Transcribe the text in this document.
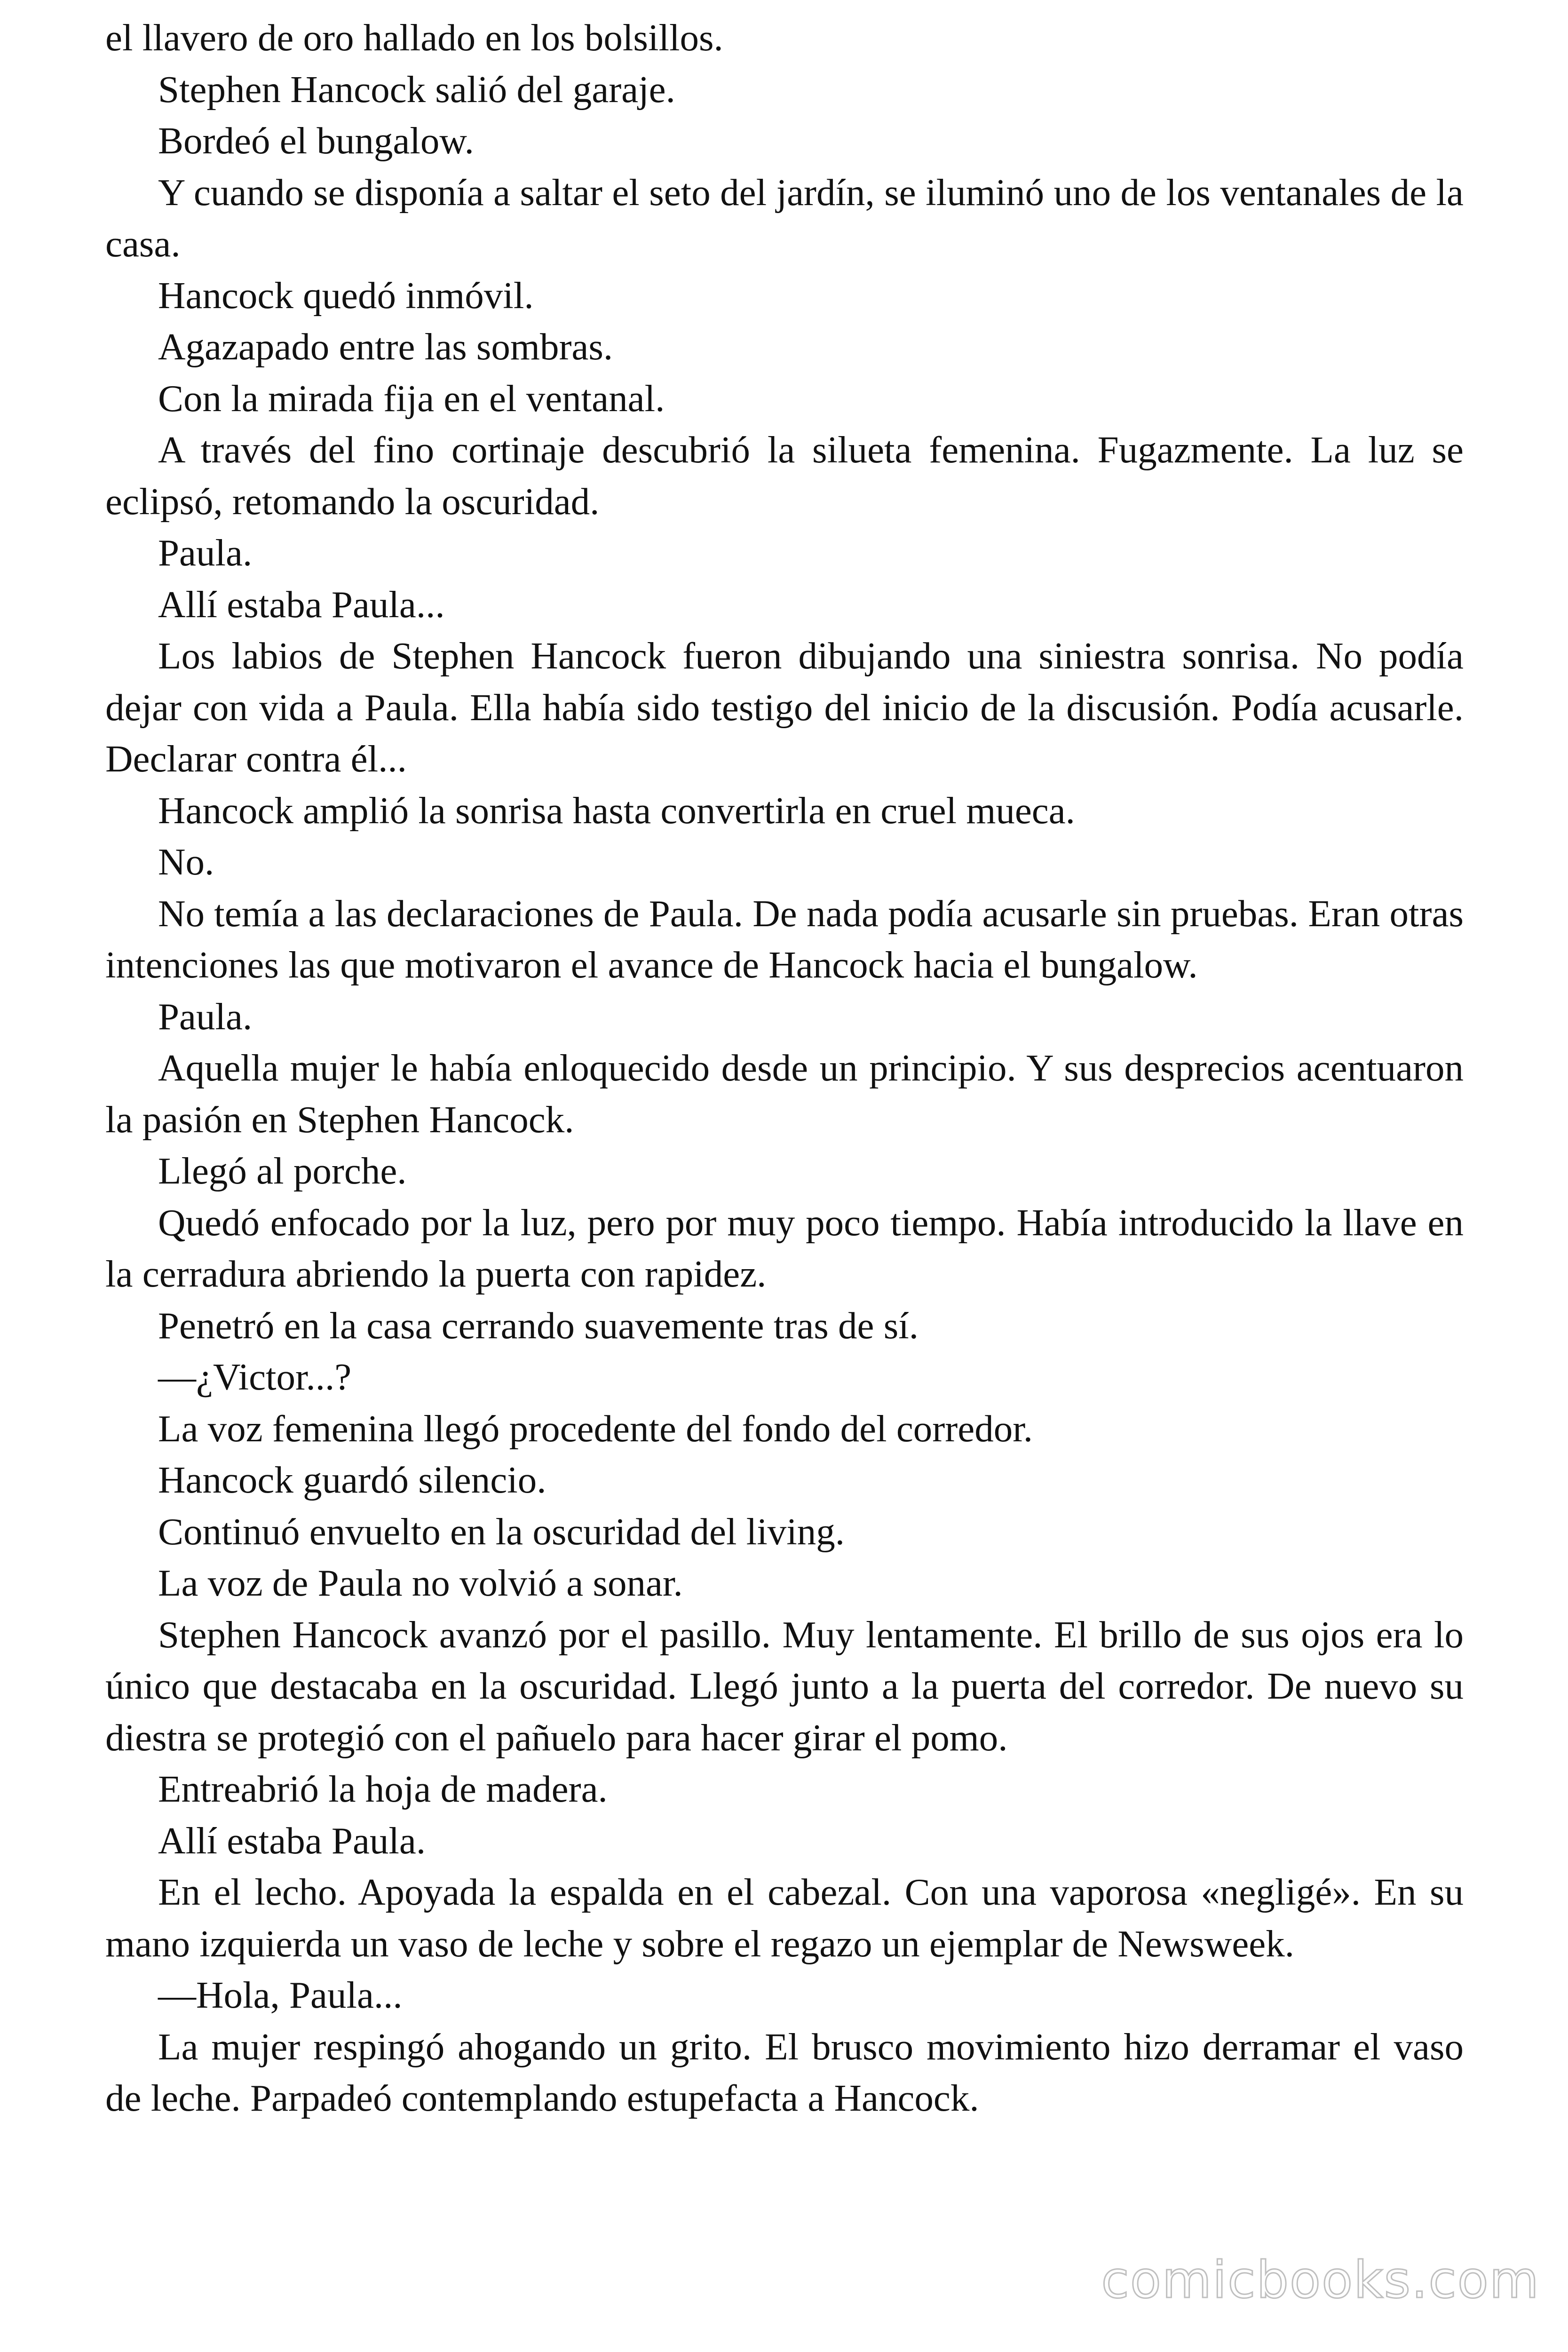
el llavero de oro hallado en los bolsillos.

Stephen Hancock salió del garaje.

Bordeó el bungalow.

Y cuando se disponía a saltar el seto del jardín, se iluminó uno de los ventanales de la casa.

Hancock quedó inmóvil.

Agazapado entre las sombras.

Con la mirada fija en el ventanal.

A través del fino cortinaje descubrió la silueta femenina. Fugazmente. La luz se eclipsó, retomando la oscuridad.

Paula.

Allí estaba Paula...

Los labios de Stephen Hancock fueron dibujando una siniestra sonrisa. No podía dejar con vida a Paula. Ella había sido testigo del inicio de la discusión. Podía acusarle. Declarar contra él...

Hancock amplió la sonrisa hasta convertirla en cruel mueca.

No.

No temía a las declaraciones de Paula. De nada podía acusarle sin pruebas. Eran otras intenciones las que motivaron el avance de Hancock hacia el bungalow.

Paula.

Aquella mujer le había enloquecido desde un principio. Y sus desprecios acentuaron la pasión en Stephen Hancock.

Llegó al porche.

Quedó enfocado por la luz, pero por muy poco tiempo. Había introducido la llave en la cerradura abriendo la puerta con rapidez.

Penetró en la casa cerrando suavemente tras de sí.

—¿Victor...?

La voz femenina llegó procedente del fondo del corredor.

Hancock guardó silencio.

Continuó envuelto en la oscuridad del living.

La voz de Paula no volvió a sonar.

Stephen Hancock avanzó por el pasillo. Muy lentamente. El brillo de sus ojos era lo único que destacaba en la oscuridad. Llegó junto a la puerta del corredor. De nuevo su diestra se protegió con el pañuelo para hacer girar el pomo.

Entreabrió la hoja de madera.

Allí estaba Paula.

En el lecho. Apoyada la espalda en el cabezal. Con una vaporosa «negligé». En su mano izquierda un vaso de leche y sobre el regazo un ejemplar de Newsweek.

—Hola, Paula...

La mujer respingó ahogando un grito. El brusco movimiento hizo derramar el vaso de leche. Parpadeó contemplando estupefacta a Hancock.

comicbooks.com
